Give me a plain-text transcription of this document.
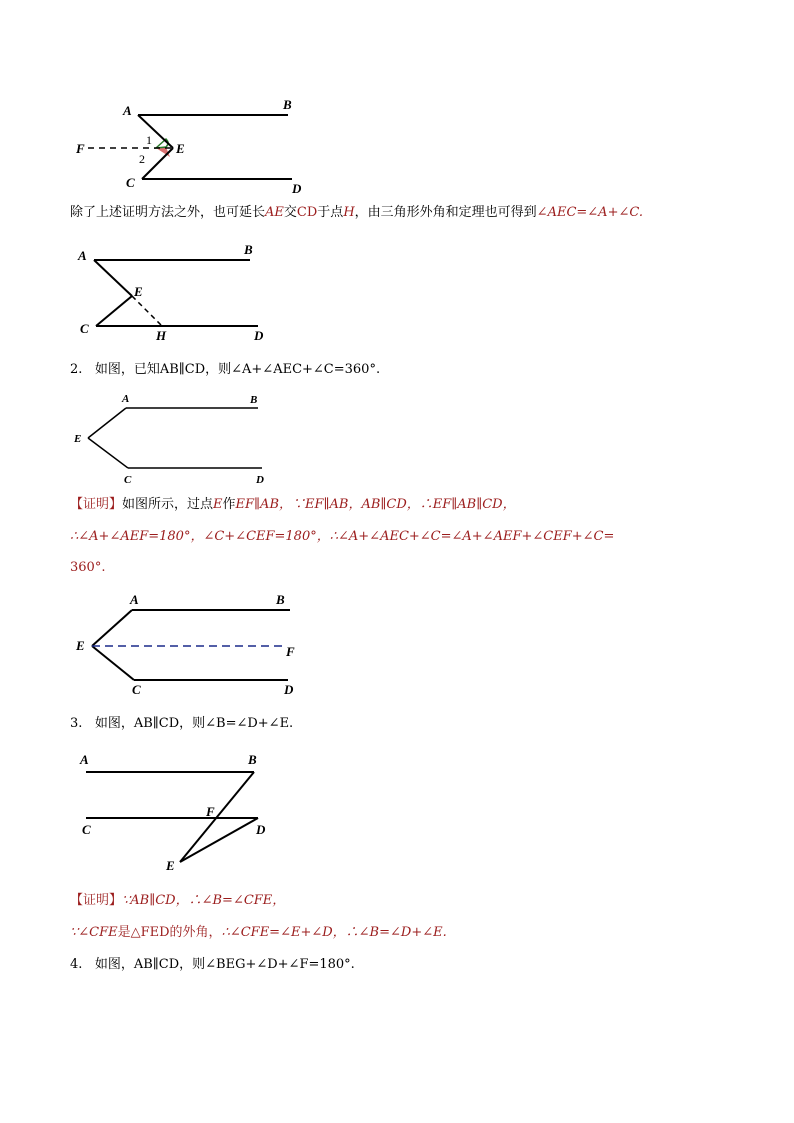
A	B
C	D
E
F
1
2
除了上述证明方法之外，也可延长AE交CD于点H，由三角形外角和定理也可得到∠AEC=∠A+∠C.
A	B
C	D
E
H
2. 如图，已知AB∥CD，则∠A+∠AEC+∠C=360°.
A	B
C	D
E
【证明】如图所示，过点E作EF∥AB，∵EF∥AB，AB∥CD，∴EF∥AB∥CD，
∴∠A+∠AEF=180°，∠C+∠CEF=180°，∴∠A+∠AEC+∠C=∠A+∠AEF+∠CEF+∠C=
360°.
A	B
C	D
E	F
3. 如图，AB∥CD，则∠B=∠D+∠E.
A	B
C	D
E
F
【证明】∵AB∥CD，∴∠B=∠CFE，
∵∠CFE是△FED的外角，∴∠CFE=∠E+∠D，∴∠B=∠D+∠E.
4. 如图，AB∥CD，则∠BEG+∠D+∠F=180°.
